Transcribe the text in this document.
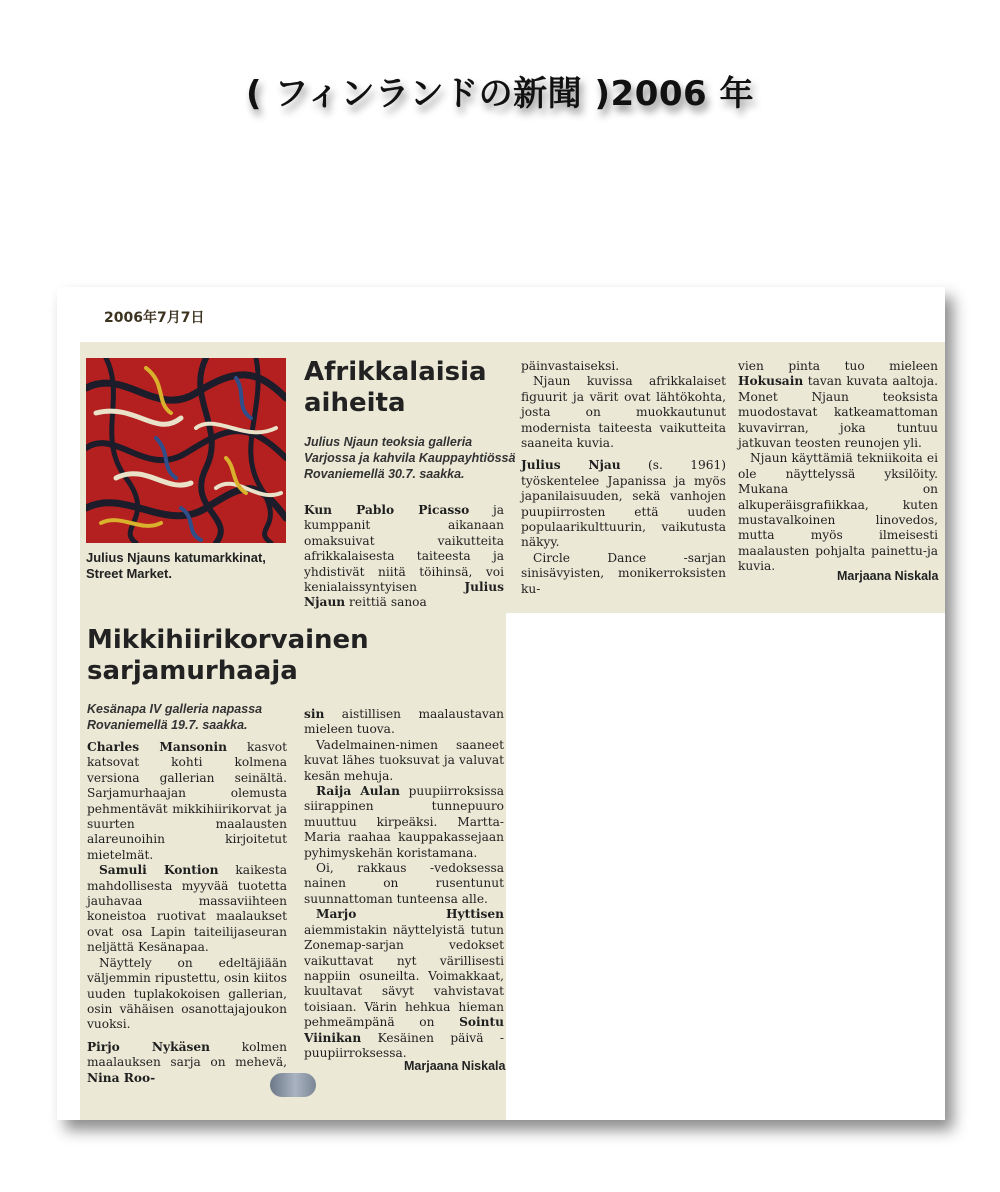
( フィンランドの新聞 )2006 年
2006年7月7日
Julius Njauns katumarkkinat, Street Market.
Afrikkalaisia aiheita
Julius Njaun teoksia galleria Varjossa ja kahvila Kauppayhtiössä Rovaniemellä 30.7. saakka.

Kun Pablo Picasso ja kumppanit aikanaan omaksuivat vaikutteita afrikkalaisesta taiteesta ja yhdistivät niitä töihinsä, voi kenialaissyntyisen Julius Njaun reittiä sanoa

päinvastaiseksi.

Njaun kuvissa afrikkalaiset figuurit ja värit ovat lähtökohta, josta on muokkautunut modernista taiteesta vaikutteita saaneita kuvia.

Julius Njau (s. 1961) työskentelee Japanissa ja myös japanilaisuuden, sekä vanhojen puupiirrosten että uuden populaarikulttuurin, vaikutusta näkyy.

Circle Dance -sarjan sinisävyisten, monikerroksisten ku-

vien pinta tuo mieleen Hokusain tavan kuvata aaltoja. Monet Njaun teoksista muodostavat katkeamattoman kuvavirran, joka tuntuu jatkuvan teosten reunojen yli.

Njaun käyttämiä tekniikoita ei ole näyttelyssä yksilöity. Mukana on alkuperäisgrafiikkaa, kuten mustavalkoinen linovedos, mutta myös ilmeisesti maalausten pohjalta painettu-ja kuvia.

Marjaana Niskala
Mikkihiirikorvainen sarjamurhaaja
Kesänapa IV galleria napassa Rovaniemellä 19.7. saakka.

Charles Mansonin kasvot katsovat kohti kolmena versiona gallerian seinältä. Sarjamurhaajan olemusta pehmentävät mikkihiirikorvat ja suurten maalausten alareunoihin kirjoitetut mietelmät.

Samuli Kontion kaikesta mahdollisesta myyvää tuotetta jauhavaa massaviihteen koneistoa ruotivat maalaukset ovat osa Lapin taiteilijaseuran neljättä Kesänapaa.

Näyttely on edeltäjiään väljemmin ripustettu, osin kiitos uuden tuplakokoisen gallerian, osin vähäisen osanottajajoukon vuoksi.

Pirjo Nykäsen kolmen maalauksen sarja on mehevä, Nina Roo-

sin aistillisen maalaustavan mieleen tuova.

Vadelmainen-nimen saaneet kuvat lähes tuoksuvat ja valuvat kesän mehuja.

Raija Aulan puupiirroksissa siirappinen tunnepuuro muuttuu kirpeäksi. Martta-Maria raahaa kauppakassejaan pyhimyskehän koristamana.

Oi, rakkaus -vedoksessa nainen on rusentunut suunnattoman tunteensa alle.

Marjo Hyttisen aiemmistakin näyttelyistä tutun Zonemap-sarjan vedokset vaikuttavat nyt värillisesti nappiin osuneilta. Voimakkaat, kuultavat sävyt vahvistavat toisiaan. Värin hehkua hieman pehmeämpänä on Sointu Viinikan Kesäinen päivä -puupiirroksessa.

Marjaana Niskala
